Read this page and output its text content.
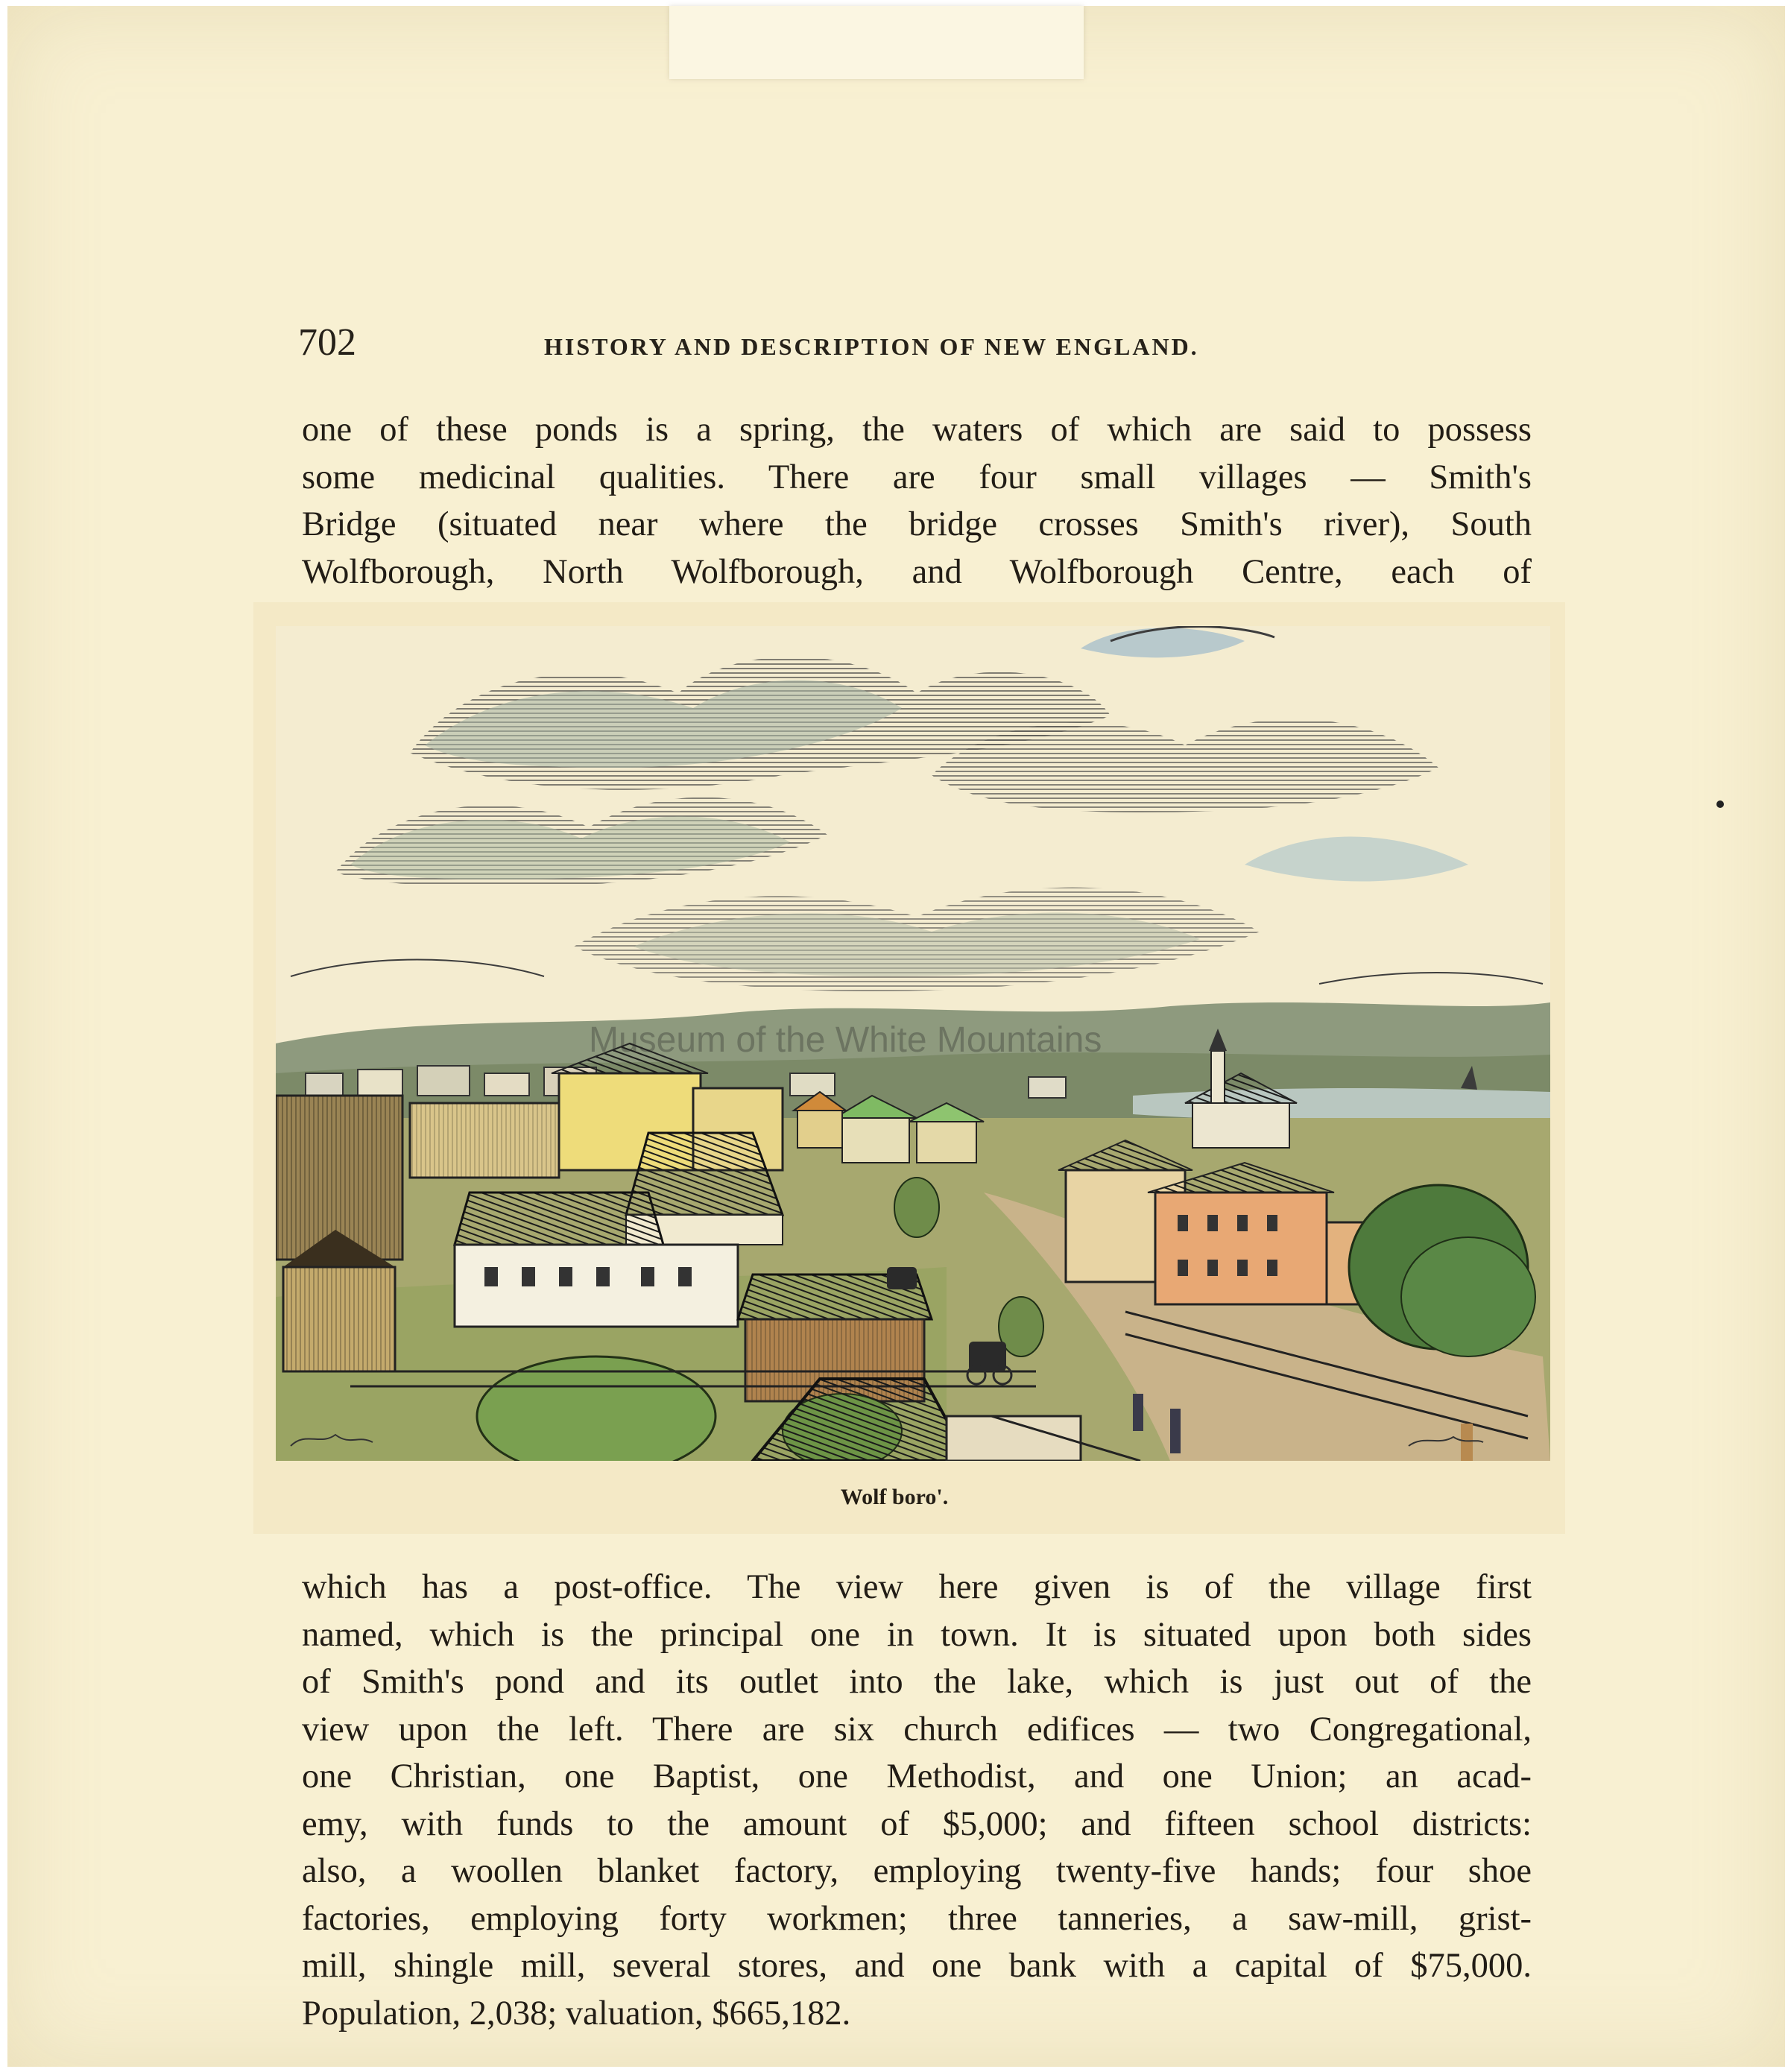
702	HISTORY AND DESCRIPTION OF NEW ENGLAND.
one of these ponds is a spring, the waters of which are said to possess
some medicinal qualities. There are four small villages — Smith's
Bridge (situated near where the bridge crosses Smith's river), South
Wolfborough, North Wolfborough, and Wolfborough Centre, each of
Museum of the White Mountains
Wolf boro'.
which has a post-office. The view here given is of the village first
named, which is the principal one in town. It is situated upon both sides
of Smith's pond and its outlet into the lake, which is just out of the
view upon the left. There are six church edifices — two Congregational,
one Christian, one Baptist, one Methodist, and one Union; an acad-
emy, with funds to the amount of $5,000; and fifteen school districts:
also, a woollen blanket factory, employing twenty-five hands; four shoe
factories, employing forty workmen; three tanneries, a saw-mill, grist-
mill, shingle mill, several stores, and one bank with a capital of $75,000.
Population, 2,038; valuation, $665,182.
